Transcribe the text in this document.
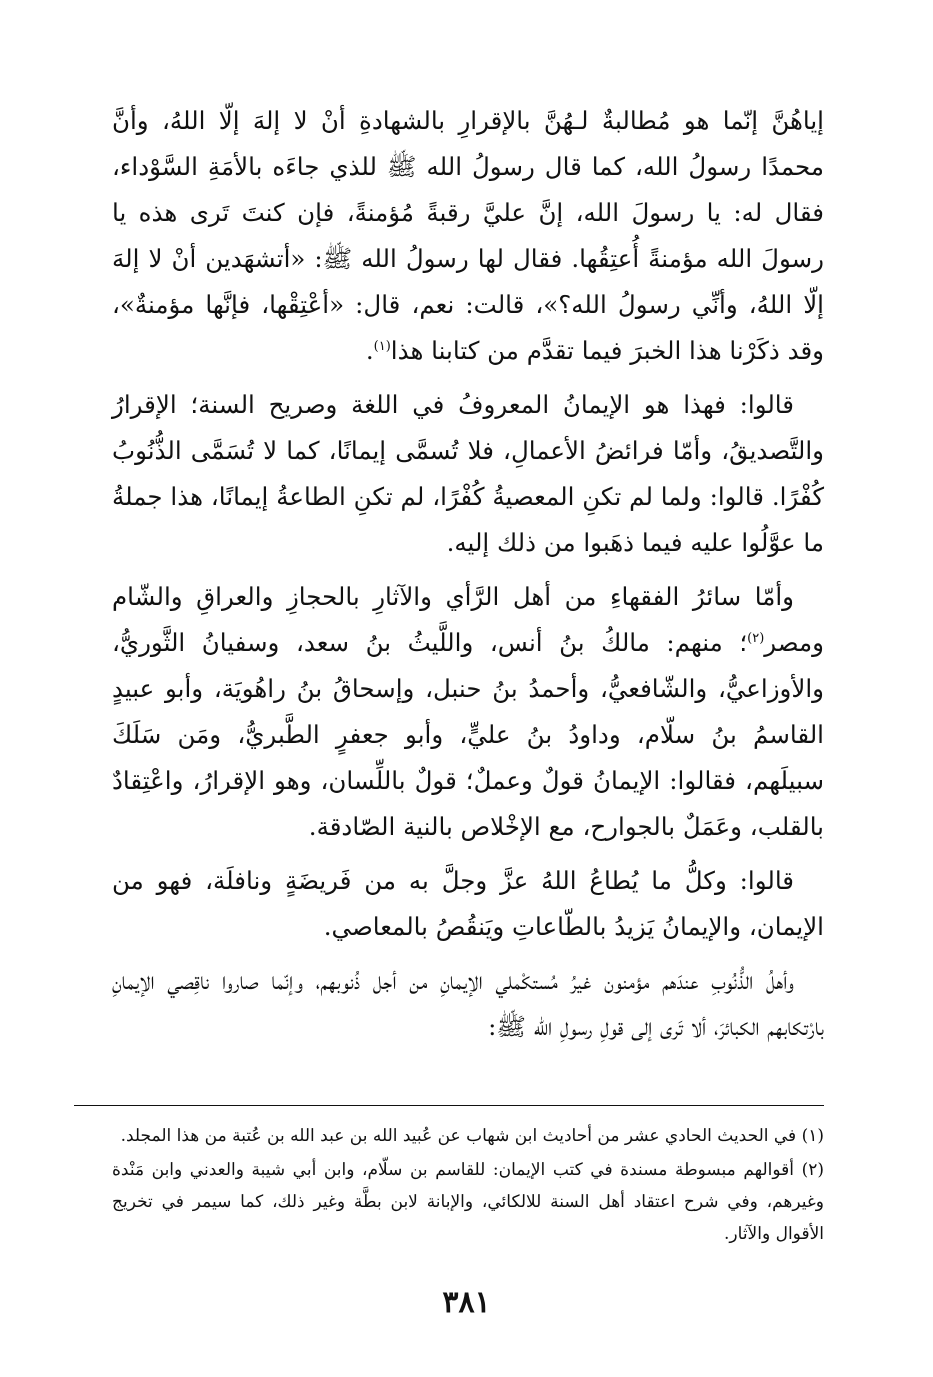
إياهُنَّ إنّما هو مُطالبةٌ لـهُنَّ بالإقرارِ بالشهادةِ أنْ لا إلهَ إلّا اللهُ، وأنَّ محمدًا رسولُ الله، كما قال رسولُ الله ﷺ للذي جاءَه بالأمَةِ السَّوْداء، فقال له: يا رسولَ الله، إنَّ عليَّ رقبةً مُؤمنةً، فإن كنتَ تَرى هذه يا رسولَ الله مؤمنةً أُعتِقُها. فقال لها رسولُ الله ﷺ: «أتشهَدين أنْ لا إلهَ إلّا اللهُ، وأنِّي رسولُ الله؟»، قالت: نعم، قال: «أعْتِقْها، فإنَّها مؤمنةٌ»، وقد ذكَرْنا هذا الخبرَ فيما تقدَّم من كتابنا هذا$^{(١)}$.

قالوا: فهذا هو الإيمانُ المعروفُ في اللغة وصريح السنة؛ الإقرارُ والتَّصديقُ، وأمّا فرائضُ الأعمالِ، فلا تُسمَّى إيمانًا، كما لا تُسَمَّى الذُّنُوبُ كُفْرًا. قالوا: ولما لم تكنِ المعصيةُ كُفْرًا، لم تكنِ الطاعةُ إيمانًا، هذا جملةُ ما عوَّلُوا عليه فيما ذهَبوا من ذلك إليه.

وأمّا سائرُ الفقهاءِ من أهل الرَّأي والآثارِ بالحجازِ والعراقِ والشّام ومصر$^{(٢)}$؛ منهم: مالكُ بنُ أنس، واللَّيثُ بنُ سعد، وسفيانُ الثَّوريُّ، والأوزاعيُّ، والشّافعيُّ، وأحمدُ بنُ حنبل، وإسحاقُ بنُ راهُويَة، وأبو عبيدٍ القاسمُ بنُ سلّام، وداودُ بنُ عليٍّ، وأبو جعفرٍ الطَّبريُّ، ومَن سَلَكَ سبيلَهم، فقالوا: الإيمانُ قولٌ وعملٌ؛ قولٌ باللِّسان، وهو الإقرارُ، واعْتِقادٌ بالقلب، وعَمَلٌ بالجوارح، مع الإخْلاص بالنية الصّادقة.

قالوا: وكلُّ ما يُطاعُ اللهُ عزَّ وجلَّ به من فَريضَةٍ ونافلَة، فهو من الإيمان، والإيمانُ يَزيدُ بالطّاعاتِ ويَنقُصُ بالمعاصي.

وأهلُ الذُّنُوبِ عندَهم مؤمنون غيرُ مُستكْملي الإيمانِ من أجل ذُنوبهم، وإنّما صاروا ناقِصي الإيمانِ بارْتكابهم الكبائرَ، ألا تَرى إلى قولِ رسولِ الله ﷺ:

(١) في الحديث الحادي عشر من أحاديث ابن شهاب عن عُبيد الله بن عبد الله بن عُتبة من هذا المجلد.

(٢) أقوالهم مبسوطة مسندة في كتب الإيمان: للقاسم بن سلّام، وابن أبي شيبة والعدني وابن مَنْدة وغيرهم، وفي شرح اعتقاد أهل السنة للالكائي، والإبانة لابن بطَّة وغير ذلك، كما سيمر في تخريج الأقوال والآثار.

٣٨١
